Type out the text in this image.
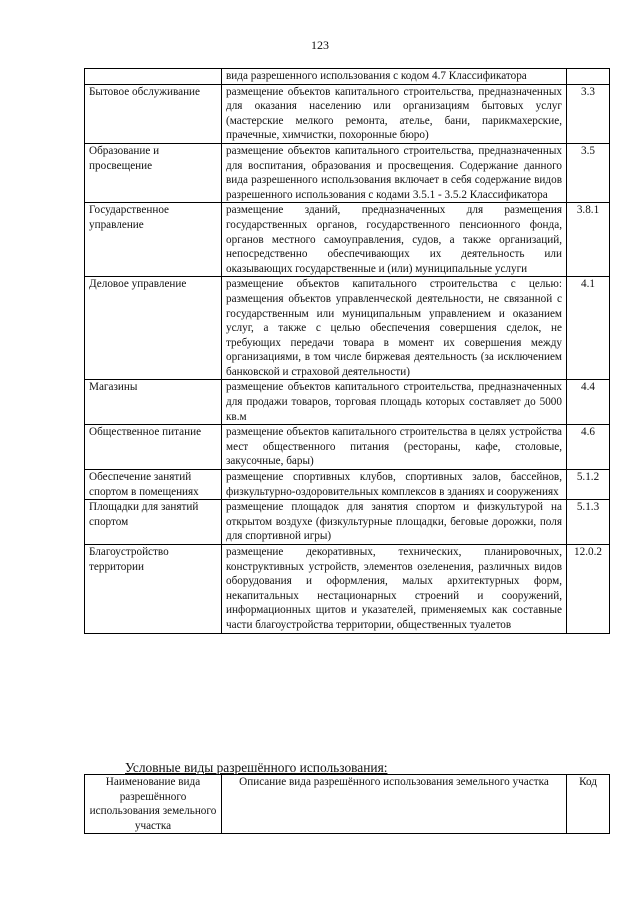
123
	вида разрешенного использования с кодом 4.7 Классификатора	
Бытовое обслуживание	размещение объектов капитального строительства, предназначенных для оказания населению или организациям бытовых услуг (мастерские мелкого ремонта, ателье, бани, парикмахерские, прачечные, химчистки, похоронные бюро)	3.3
Образование и просвещение	размещение объектов капитального строительства, предназначенных для воспитания, образования и просвещения. Содержание данного вида разрешенного использования включает в себя содержание видов разрешенного использования с кодами 3.5.1 - 3.5.2 Классификатора	3.5
Государственное управление	размещение зданий, предназначенных для размещения государственных органов, государственного пенсионного фонда, органов местного самоуправления, судов, а также организаций, непосредственно обеспечивающих их деятельность или оказывающих государственные и (или) муниципальные услуги	3.8.1
Деловое управление	размещение объектов капитального строительства с целью: размещения объектов управленческой деятельности, не связанной с государственным или муниципальным управлением и оказанием услуг, а также с целью обеспечения совершения сделок, не требующих передачи товара в момент их совершения между организациями, в том числе биржевая деятельность (за исключением банковской и страховой деятельности)	4.1
Магазины	размещение объектов капитального строительства, предназначенных для продажи товаров, торговая площадь которых составляет до 5000 кв.м	4.4
Общественное питание	размещение объектов капитального строительства в целях устройства мест общественного питания (рестораны, кафе, столовые, закусочные, бары)	4.6
Обеспечение занятий спортом в помещениях	размещение спортивных клубов, спортивных залов, бассейнов, физкультурно-оздоровительных комплексов в зданиях и сооружениях	5.1.2
Площадки для занятий спортом	размещение площадок для занятия спортом и физкультурой на открытом воздухе (физкультурные площадки, беговые дорожки, поля для спортивной игры)	5.1.3
Благоустройство территории	размещение декоративных, технических, планировочных, конструктивных устройств, элементов озеленения, различных видов оборудования и оформления, малых архитектурных форм, некапитальных нестационарных строений и сооружений, информационных щитов и указателей, применяемых как составные части благоустройства территории, общественных туалетов	12.0.2
Условные виды разрешённого использования:
Наименование вида разрешённого использования земельного участка	Описание вида разрешённого использования земельного участка	Код
